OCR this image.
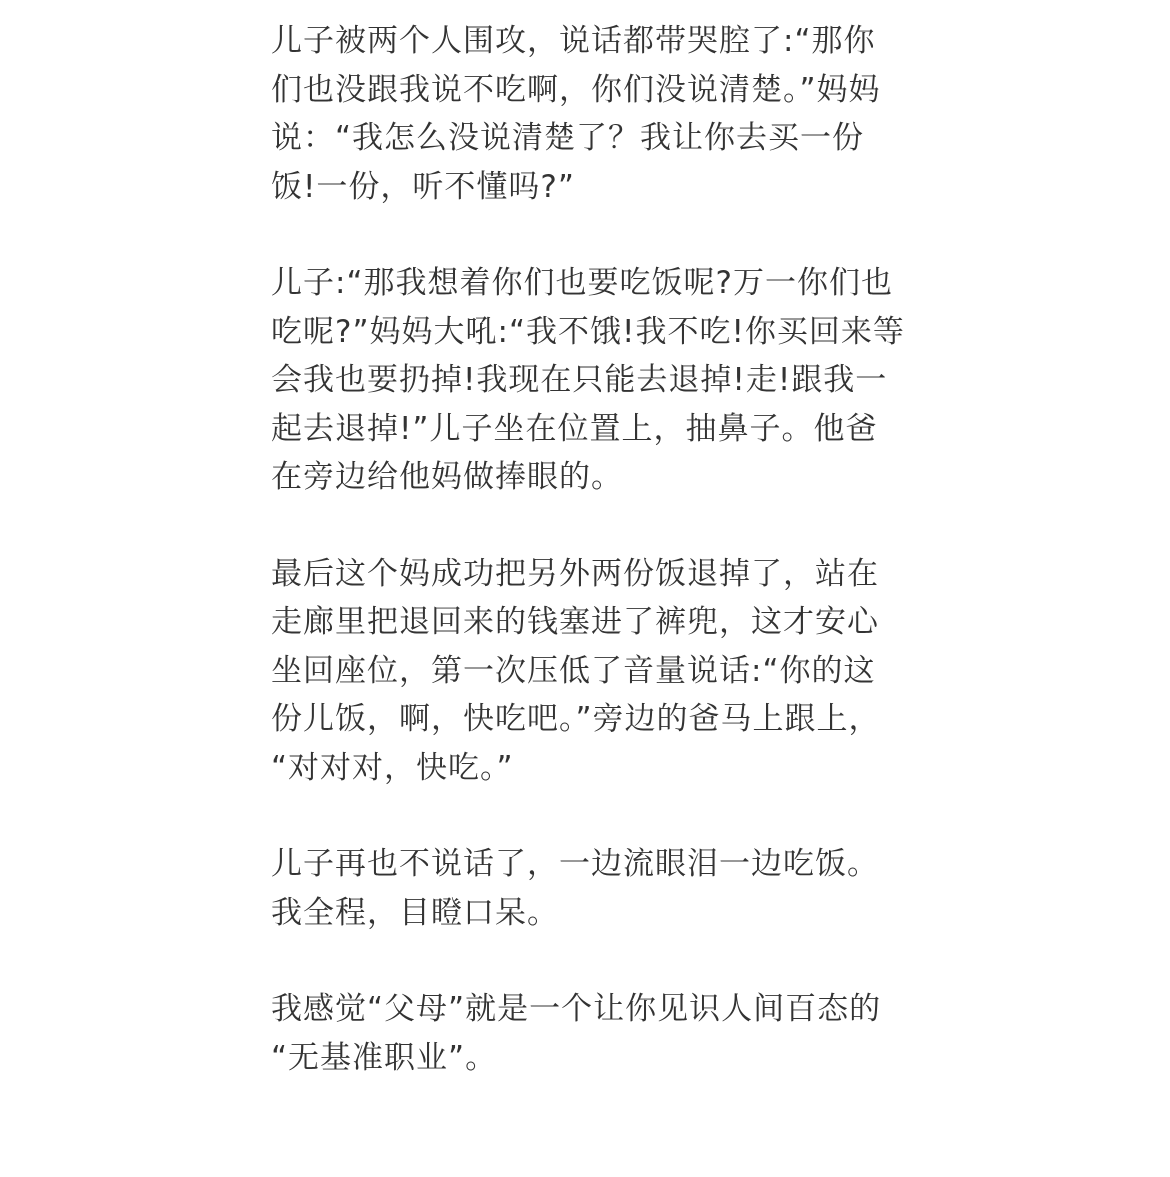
儿子被两个人围攻，说话都带哭腔了:“那你
们也没跟我说不吃啊，你们没说清楚。”妈妈
说：“我怎么没说清楚了？我让你去买一份
饭!一份，听不懂吗?”

儿子:“那我想着你们也要吃饭呢?万一你们也
吃呢?”妈妈大吼:“我不饿!我不吃!你买回来等
会我也要扔掉!我现在只能去退掉!走!跟我一
起去退掉!”儿子坐在位置上，抽鼻子。他爸
在旁边给他妈做捧眼的。

最后这个妈成功把另外两份饭退掉了，站在
走廊里把退回来的钱塞进了裤兜，这才安心
坐回座位，第一次压低了音量说话:“你的这
份儿饭，啊，快吃吧。”旁边的爸马上跟上，
“对对对，快吃。”

儿子再也不说话了，一边流眼泪一边吃饭。
我全程，目瞪口呆。

我感觉“父母”就是一个让你见识人间百态的
“无基准职业”。
